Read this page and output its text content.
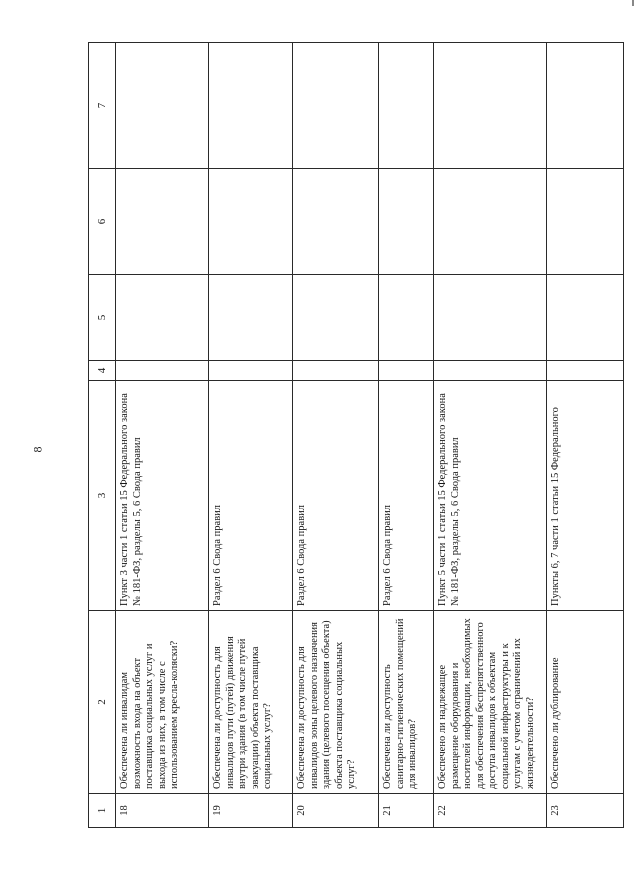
8
1	2	3	4	5	6	7
18	Обеспечена ли инвалидам возможность входа на объект поставщика социальных услуг и выхода из них, в том числе с использованием кресла-коляски?	Пункт 3 части 1 статьи 15 Федерального закона № 181-ФЗ, разделы 5, 6 Свода правил				
19	Обеспечена ли доступность для инвалидов пути (путей) движения внутри здания (в том числе путей эвакуации) объекта поставщика социальных услуг?	Раздел 6 Свода правил				
20	Обеспечена ли доступность для инвалидов зоны целевого назначения здания (целевого посещения объекта) объекта поставщика социальных услуг?	Раздел 6 Свода правил				
21	Обеспечена ли доступность санитарно-гигиенических помещений для инвалидов?	Раздел 6 Свода правил				
22	Обеспечено ли надлежащее размещение оборудования и носителей информации, необходимых для обеспечения беспрепятственного доступа инвалидов к объектам социальной инфраструктуры и к услугам с учетом ограничений их жизнедеятельности?	Пункт 5 части 1 статьи 15 Федерального закона № 181-ФЗ, разделы 5, 6 Свода правил				
23	Обеспечено ли дублирование	Пункты 6, 7 части 1 статьи 15 Федерального				
